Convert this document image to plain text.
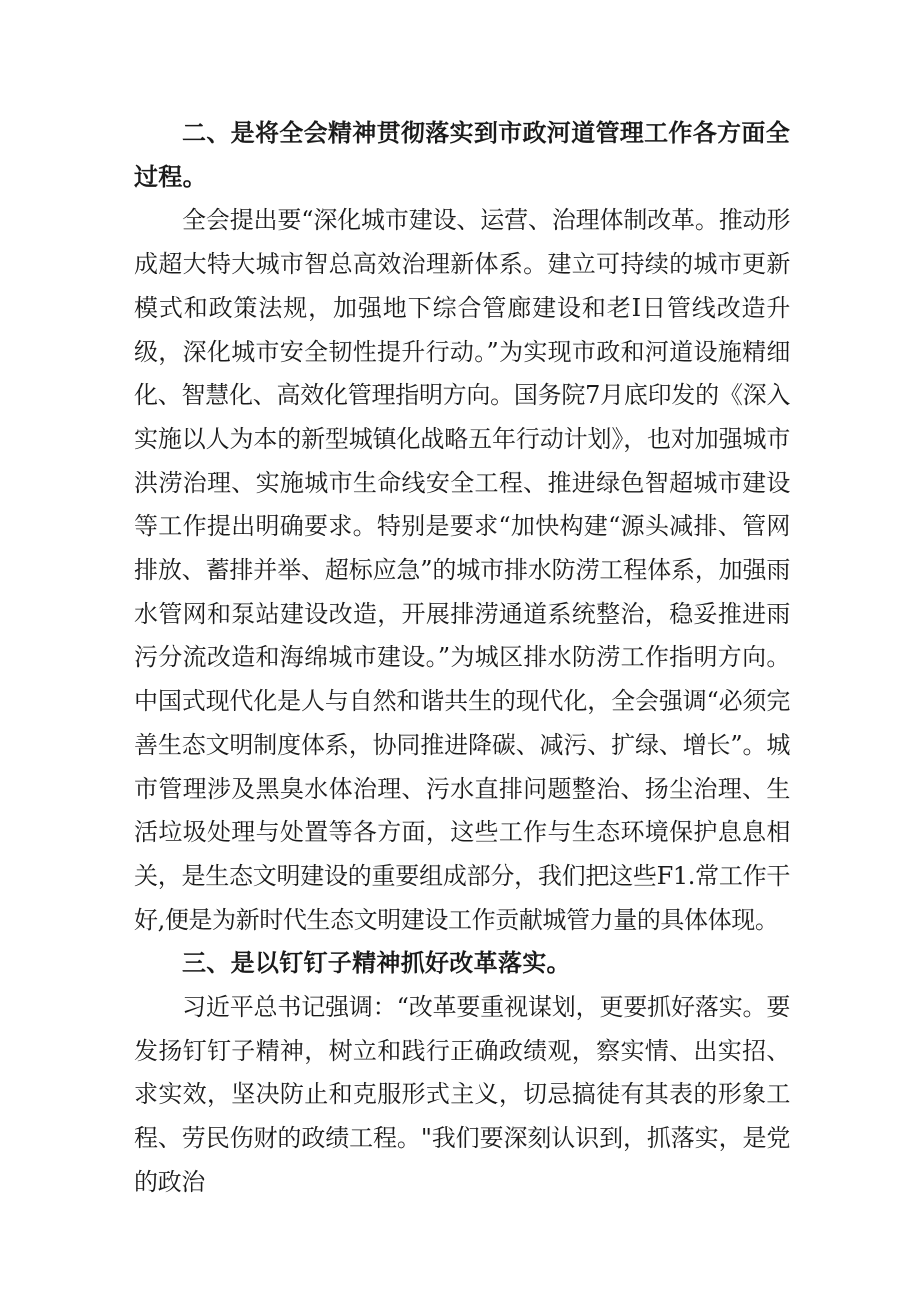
二、是将全会精神贯彻落实到市政河道管理工作各方面全过程。

全会提出要“深化城市建设、运营、治理体制改革。推动形成超大特大城市智总高效治理新体系。建立可持续的城市更新模式和政策法规，加强地下综合管廊建设和老I日管线改造升级，深化城市安全韧性提升行动。”为实现市政和河道设施精细化、智慧化、高效化管理指明方向。国务院7月底印发的《深入实施以人为本的新型城镇化战略五年行动计划》，也对加强城市洪涝治理、实施城市生命线安全工程、推进绿色智超城市建设等工作提出明确要求。特别是要求“加快构建“源头减排、管网排放、蓄排并举、超标应急”的城市排水防涝工程体系，加强雨水管网和泵站建设改造，开展排涝通道系统整治，稳妥推进雨污分流改造和海绵城市建设。”为城区排水防涝工作指明方向。中国式现代化是人与自然和谐共生的现代化，全会强调“必须完善生态文明制度体系，协同推进降碳、减污、扩绿、增长”。城市管理涉及黑臭水体治理、污水直排问题整治、扬尘治理、生活垃圾处理与处置等各方面，这些工作与生态环境保护息息相关，是生态文明建设的重要组成部分，我们把这些F1.常工作干好,便是为新时代生态文明建设工作贡献城管力量的具体体现。

三、是以钉钉子精神抓好改革落实。

习近平总书记强调：“改革要重视谋划，更要抓好落实。要发扬钉钉子精神，树立和践行正确政绩观，察实情、出实招、求实效，坚决防止和克服形式主义，切忌搞徒有其表的形象工程、劳民伤财的政绩工程。"我们要深刻认识到，抓落实，是党的政治
